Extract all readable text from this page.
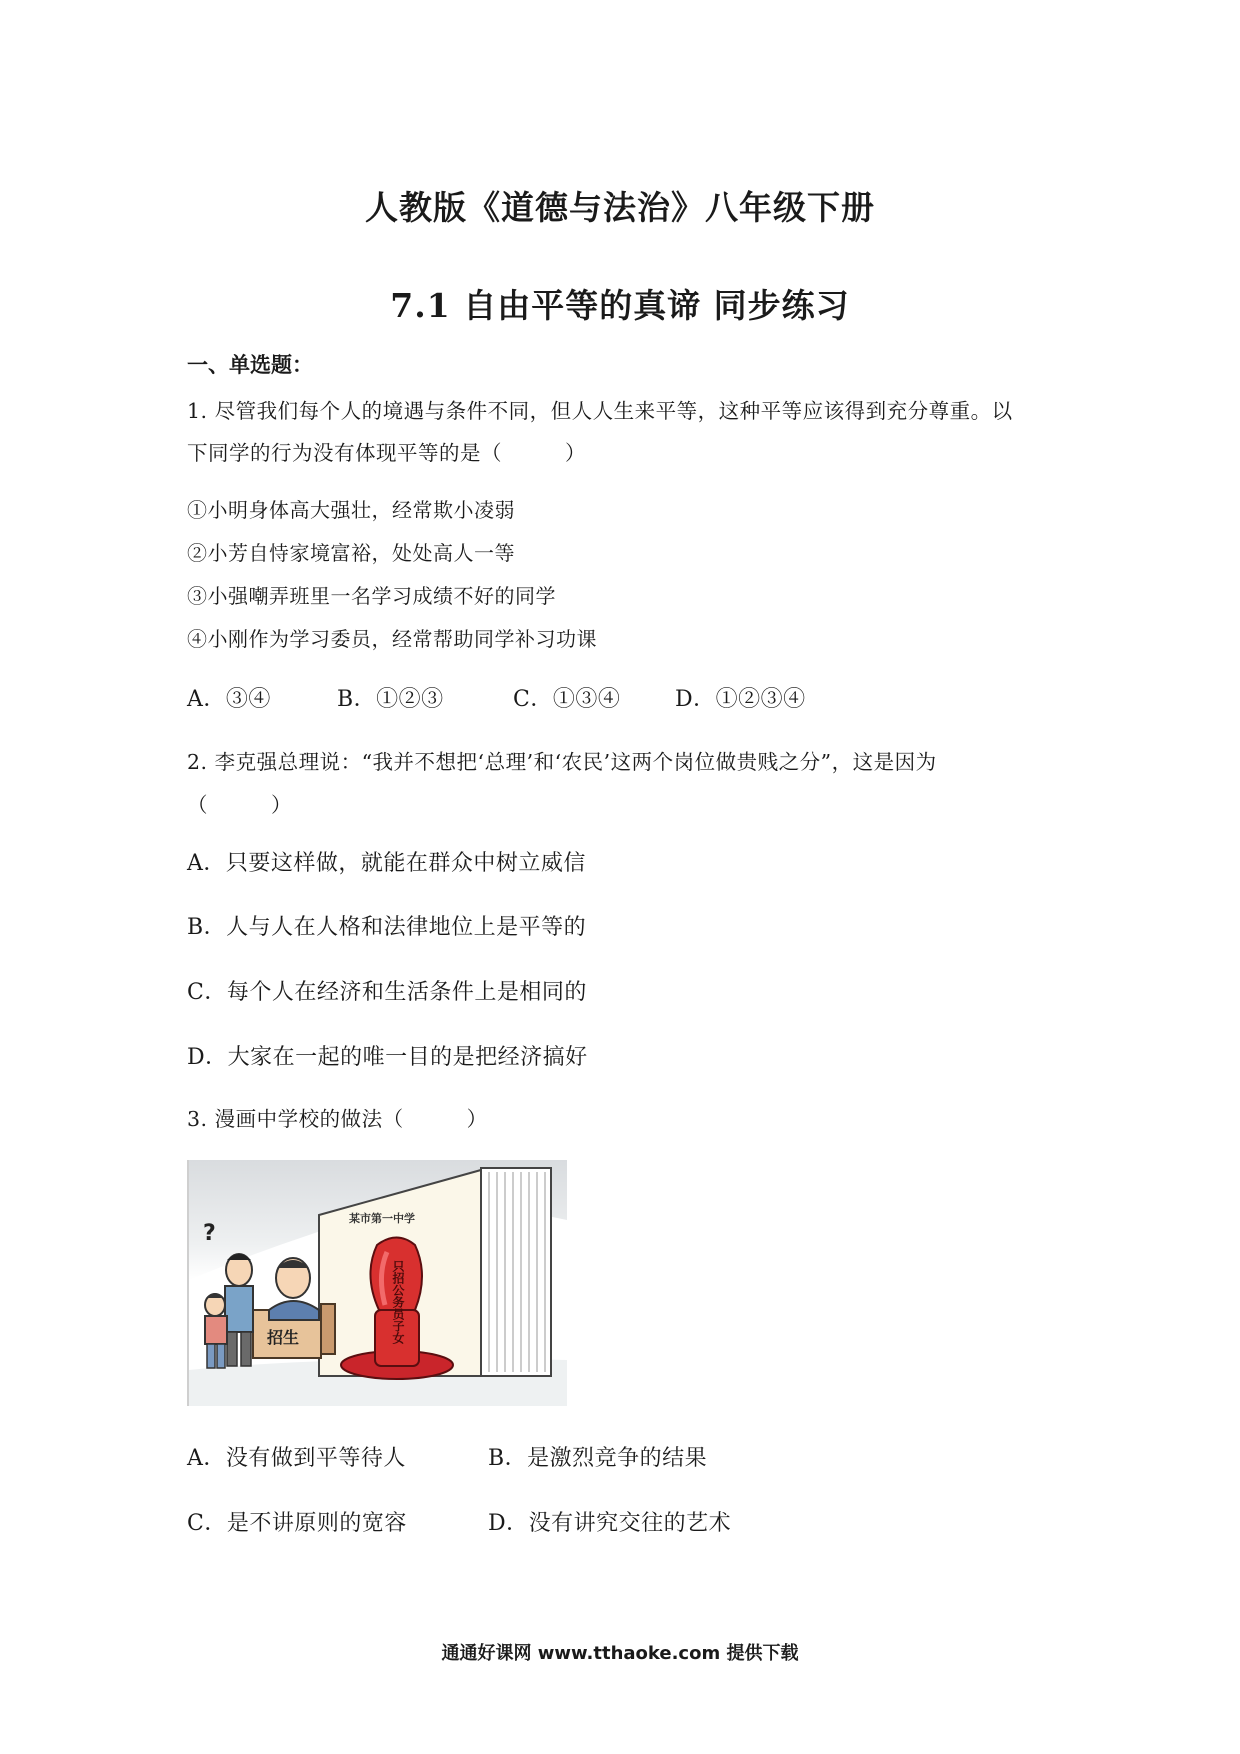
人教版《道德与法治》八年级下册
7.1 自由平等的真谛 同步练习
一、单选题：
1. 尽管我们每个人的境遇与条件不同，但人人生来平等，这种平等应该得到充分尊重。以
下同学的行为没有体现平等的是（　　　）
①小明身体高大强壮，经常欺小凌弱
②小芳自恃家境富裕，处处高人一等
③小强嘲弄班里一名学习成绩不好的同学
④小刚作为学习委员，经常帮助同学补习功课
A．③④	B．①②③	C．①③④ D．①②③④
2. 李克强总理说：“我并不想把‘总理’和‘农民’这两个岗位做贵贱之分”，这是因为
（　　　）
A．只要这样做，就能在群众中树立威信
B．人与人在人格和法律地位上是平等的
C．每个人在经济和生活条件上是相同的
D．大家在一起的唯一目的是把经济搞好
3. 漫画中学校的做法（　　　）
某市第一中学
只招公务员子女
招生
?
A．没有做到平等待人	B．是激烈竞争的结果
C．是不讲原则的宽容	D．没有讲究交往的艺术
通通好课网 www.tthaoke.com 提供下载
